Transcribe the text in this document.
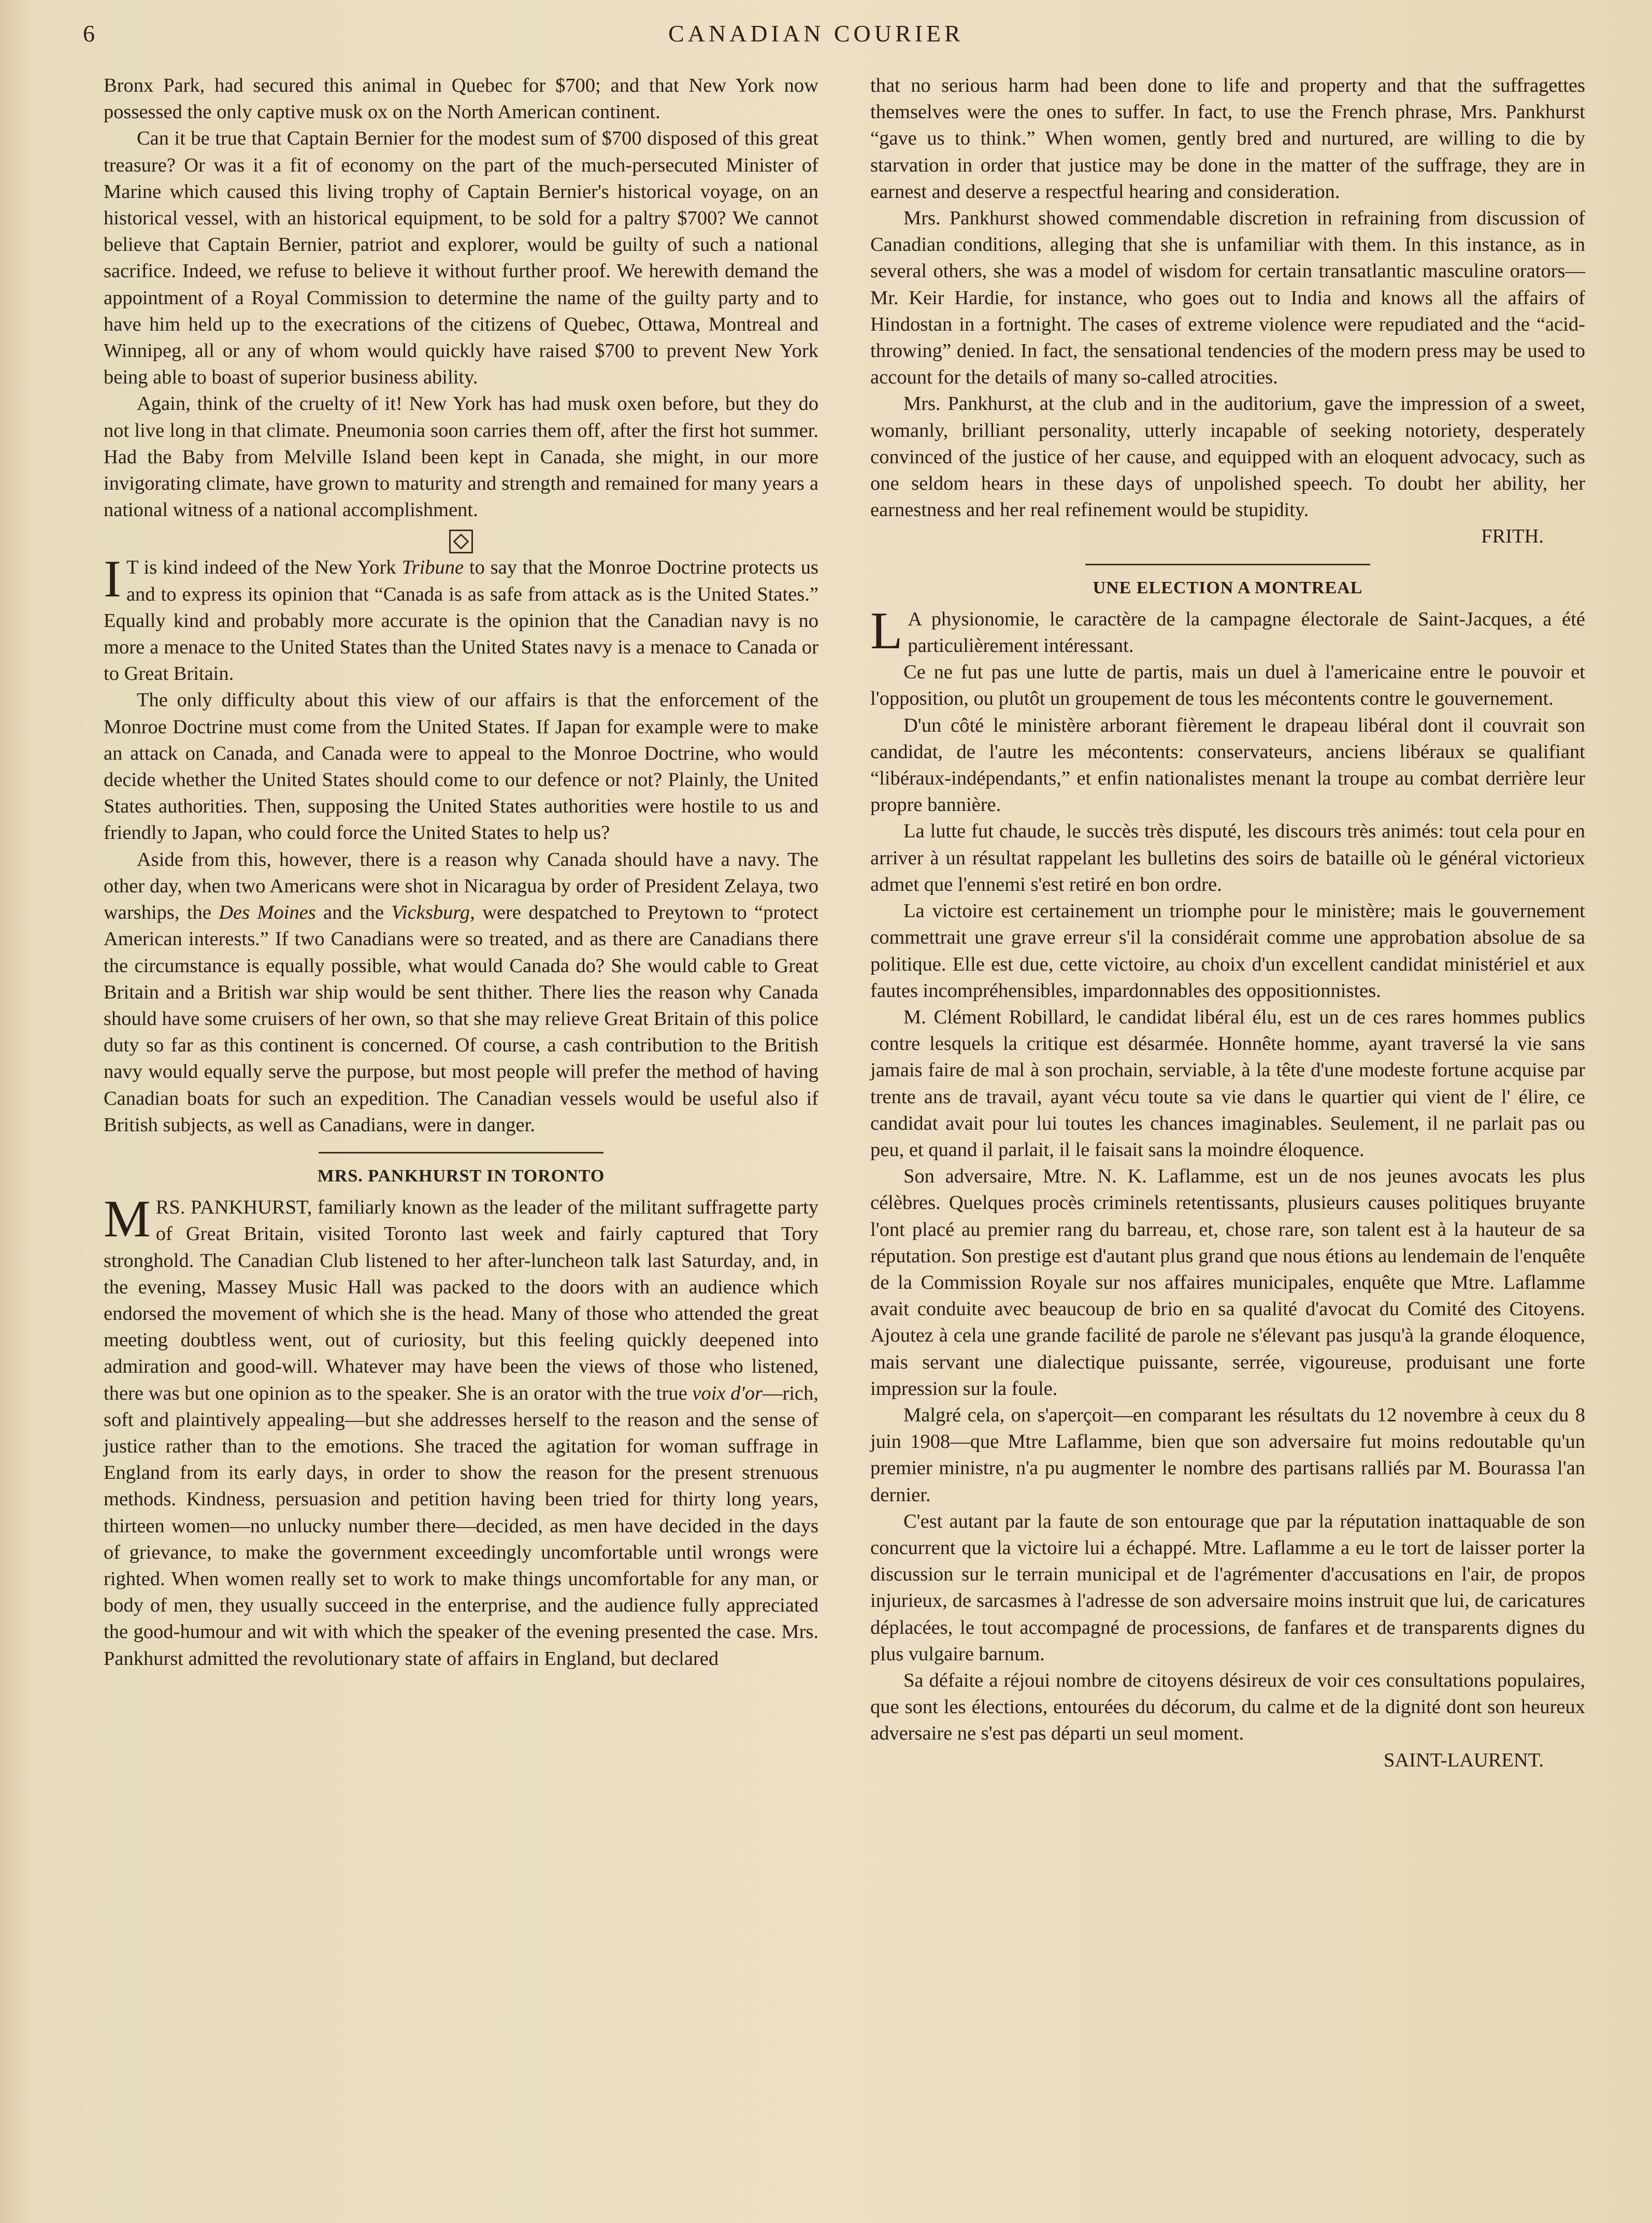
6	CANADIAN COURIER

Bronx Park, had secured this animal in Quebec for $700; and that New York now possessed the only captive musk ox on the North American continent.

Can it be true that Captain Bernier for the modest sum of $700 disposed of this great treasure? Or was it a fit of economy on the part of the much-persecuted Minister of Marine which caused this living trophy of Captain Bernier's historical voyage, on an historical vessel, with an historical equipment, to be sold for a paltry $700? We cannot believe that Captain Bernier, patriot and explorer, would be guilty of such a national sacrifice. Indeed, we refuse to believe it without further proof. We herewith demand the appointment of a Royal Commission to determine the name of the guilty party and to have him held up to the execrations of the citizens of Quebec, Ottawa, Montreal and Winnipeg, all or any of whom would quickly have raised $700 to prevent New York being able to boast of superior business ability.

Again, think of the cruelty of it! New York has had musk oxen before, but they do not live long in that climate. Pneumonia soon carries them off, after the first hot summer. Had the Baby from Melville Island been kept in Canada, she might, in our more invigorating climate, have grown to maturity and strength and remained for many years a national witness of a national accomplishment.

I T is kind indeed of the New York Tribune to say that the Monroe Doctrine protects us and to express its opinion that “Canada is as safe from attack as is the United States.” Equally kind and probably more accurate is the opinion that the Canadian navy is no more a menace to the United States than the United States navy is a menace to Canada or to Great Britain.

The only difficulty about this view of our affairs is that the enforcement of the Monroe Doctrine must come from the United States. If Japan for example were to make an attack on Canada, and Canada were to appeal to the Monroe Doctrine, who would decide whether the United States should come to our defence or not? Plainly, the United States authorities. Then, supposing the United States authorities were hostile to us and friendly to Japan, who could force the United States to help us?

Aside from this, however, there is a reason why Canada should have a navy. The other day, when two Americans were shot in Nicaragua by order of President Zelaya, two warships, the Des Moines and the Vicksburg, were despatched to Preytown to “protect American interests.” If two Canadians were so treated, and as there are Canadians there the circumstance is equally possible, what would Canada do? She would cable to Great Britain and a British war ship would be sent thither. There lies the reason why Canada should have some cruisers of her own, so that she may relieve Great Britain of this police duty so far as this continent is concerned. Of course, a cash contribution to the British navy would equally serve the purpose, but most people will prefer the method of having Canadian boats for such an expedition. The Canadian vessels would be useful also if British subjects, as well as Canadians, were in danger.

MRS. PANKHURST IN TORONTO

MRS. PANKHURST, familiarly known as the leader of the militant suffragette party of Great Britain, visited Toronto last week and fairly captured that Tory stronghold. The Canadian Club listened to her after-luncheon talk last Saturday, and, in the evening, Massey Music Hall was packed to the doors with an audience which endorsed the movement of which she is the head. Many of those who attended the great meeting doubtless went, out of curiosity, but this feeling quickly deepened into admiration and good-will. Whatever may have been the views of those who listened, there was but one opinion as to the speaker. She is an orator with the true voix d'or—rich, soft and plaintively appealing—but she addresses herself to the reason and the sense of justice rather than to the emotions. She traced the agitation for woman suffrage in England from its early days, in order to show the reason for the present strenuous methods. Kindness, persuasion and petition having been tried for thirty long years, thirteen women—no unlucky number there—decided, as men have decided in the days of grievance, to make the government exceedingly uncomfortable until wrongs were righted. When women really set to work to make things uncomfortable for any man, or body of men, they usually succeed in the enterprise, and the audience fully appreciated the good-humour and wit with which the speaker of the evening presented the case. Mrs. Pankhurst admitted the revolutionary state of affairs in England, but declared

that no serious harm had been done to life and property and that the suffragettes themselves were the ones to suffer. In fact, to use the French phrase, Mrs. Pankhurst “gave us to think.” When women, gently bred and nurtured, are willing to die by starvation in order that justice may be done in the matter of the suffrage, they are in earnest and deserve a respectful hearing and consideration.

Mrs. Pankhurst showed commendable discretion in refraining from discussion of Canadian conditions, alleging that she is unfamiliar with them. In this instance, as in several others, she was a model of wisdom for certain transatlantic masculine orators—Mr. Keir Hardie, for instance, who goes out to India and knows all the affairs of Hindostan in a fortnight. The cases of extreme violence were repudiated and the “acid-throwing” denied. In fact, the sensational tendencies of the modern press may be used to account for the details of many so-called atrocities.

Mrs. Pankhurst, at the club and in the auditorium, gave the impression of a sweet, womanly, brilliant personality, utterly incapable of seeking notoriety, desperately convinced of the justice of her cause, and equipped with an eloquent advocacy, such as one seldom hears in these days of unpolished speech. To doubt her ability, her earnestness and her real refinement would be stupidity.

FRITH.

UNE ELECTION A MONTREAL

L A physionomie, le caractère de la campagne électorale de Saint-Jacques, a été particulièrement intéressant.

Ce ne fut pas une lutte de partis, mais un duel à l'americaine entre le pouvoir et l'opposition, ou plutôt un groupement de tous les mécontents contre le gouvernement.

D'un côté le ministère arborant fièrement le drapeau libéral dont il couvrait son candidat, de l'autre les mécontents: conservateurs, anciens libéraux se qualifiant “libéraux-indépendants,” et enfin nationalistes menant la troupe au combat derrière leur propre bannière.

La lutte fut chaude, le succès très disputé, les discours très animés: tout cela pour en arriver à un résultat rappelant les bulletins des soirs de bataille où le général victorieux admet que l'ennemi s'est retiré en bon ordre.

La victoire est certainement un triomphe pour le ministère; mais le gouvernement commettrait une grave erreur s'il la considérait comme une approbation absolue de sa politique. Elle est due, cette victoire, au choix d'un excellent candidat ministériel et aux fautes incompréhensibles, impardonnables des oppositionnistes.

M. Clément Robillard, le candidat libéral élu, est un de ces rares hommes publics contre lesquels la critique est désarmée. Honnête homme, ayant traversé la vie sans jamais faire de mal à son prochain, serviable, à la tête d'une modeste fortune acquise par trente ans de travail, ayant vécu toute sa vie dans le quartier qui vient de l' élire, ce candidat avait pour lui toutes les chances imaginables. Seulement, il ne parlait pas ou peu, et quand il parlait, il le faisait sans la moindre éloquence.

Son adversaire, Mtre. N. K. Laflamme, est un de nos jeunes avocats les plus célèbres. Quelques procès criminels retentissants, plusieurs causes politiques bruyante l'ont placé au premier rang du barreau, et, chose rare, son talent est à la hauteur de sa réputation. Son prestige est d'autant plus grand que nous étions au lendemain de l'enquête de la Commission Royale sur nos affaires municipales, enquête que Mtre. Laflamme avait conduite avec beaucoup de brio en sa qualité d'avocat du Comité des Citoyens. Ajoutez à cela une grande facilité de parole ne s'élevant pas jusqu'à la grande éloquence, mais servant une dialectique puissante, serrée, vigoureuse, produisant une forte impression sur la foule.

Malgré cela, on s'aperçoit—en comparant les résultats du 12 novembre à ceux du 8 juin 1908—que Mtre Laflamme, bien que son adversaire fut moins redoutable qu'un premier ministre, n'a pu augmenter le nombre des partisans ralliés par M. Bourassa l'an dernier.

C'est autant par la faute de son entourage que par la réputation inattaquable de son concurrent que la victoire lui a échappé. Mtre. Laflamme a eu le tort de laisser porter la discussion sur le terrain municipal et de l'agrémenter d'accusations en l'air, de propos injurieux, de sarcasmes à l'adresse de son adversaire moins instruit que lui, de caricatures déplacées, le tout accompagné de processions, de fanfares et de transparents dignes du plus vulgaire barnum.

Sa défaite a réjoui nombre de citoyens désireux de voir ces consultations populaires, que sont les élections, entourées du décorum, du calme et de la dignité dont son heureux adversaire ne s'est pas départi un seul moment.

SAINT-LAURENT.
